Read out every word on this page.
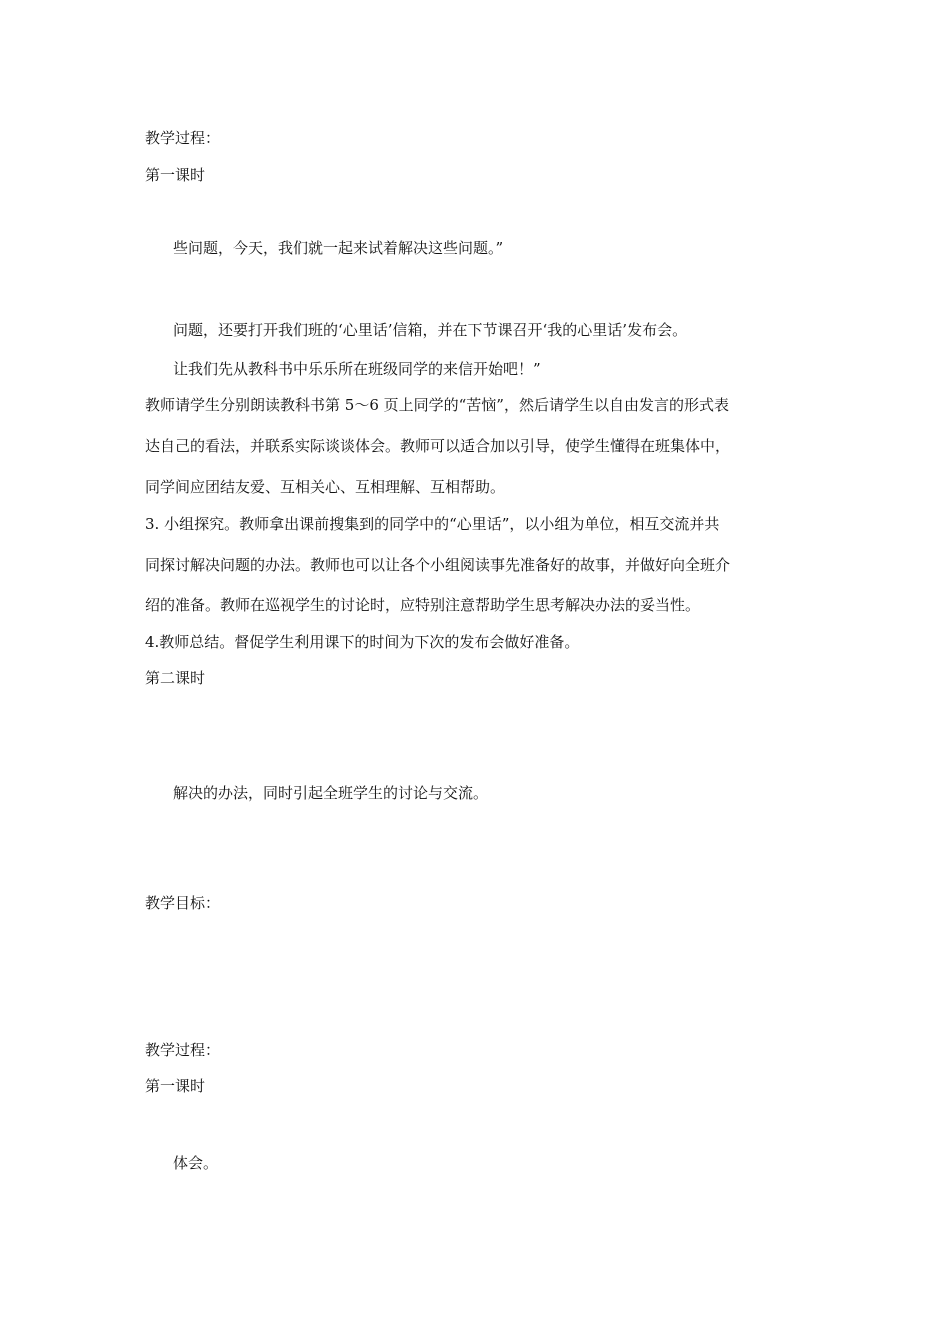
教学过程：
第一课时
些问题，今天，我们就一起来试着解决这些问题。”
问题，还要打开我们班的‘心里话’信箱，并在下节课召开‘我的心里话’发布会。
让我们先从教科书中乐乐所在班级同学的来信开始吧！”
教师请学生分别朗读教科书第 5～6 页上同学的“苦恼”，然后请学生以自由发言的形式表
达自己的看法，并联系实际谈谈体会。教师可以适合加以引导，使学生懂得在班集体中，
同学间应团结友爱、互相关心、互相理解、互相帮助。
3. 小组探究。教师拿出课前搜集到的同学中的“心里话”，以小组为单位，相互交流并共
同探讨解决问题的办法。教师也可以让各个小组阅读事先准备好的故事，并做好向全班介
绍的准备。教师在巡视学生的讨论时，应特别注意帮助学生思考解决办法的妥当性。
4.教师总结。督促学生利用课下的时间为下次的发布会做好准备。
第二课时
解决的办法，同时引起全班学生的讨论与交流。
教学目标：
教学过程：
第一课时
体会。
